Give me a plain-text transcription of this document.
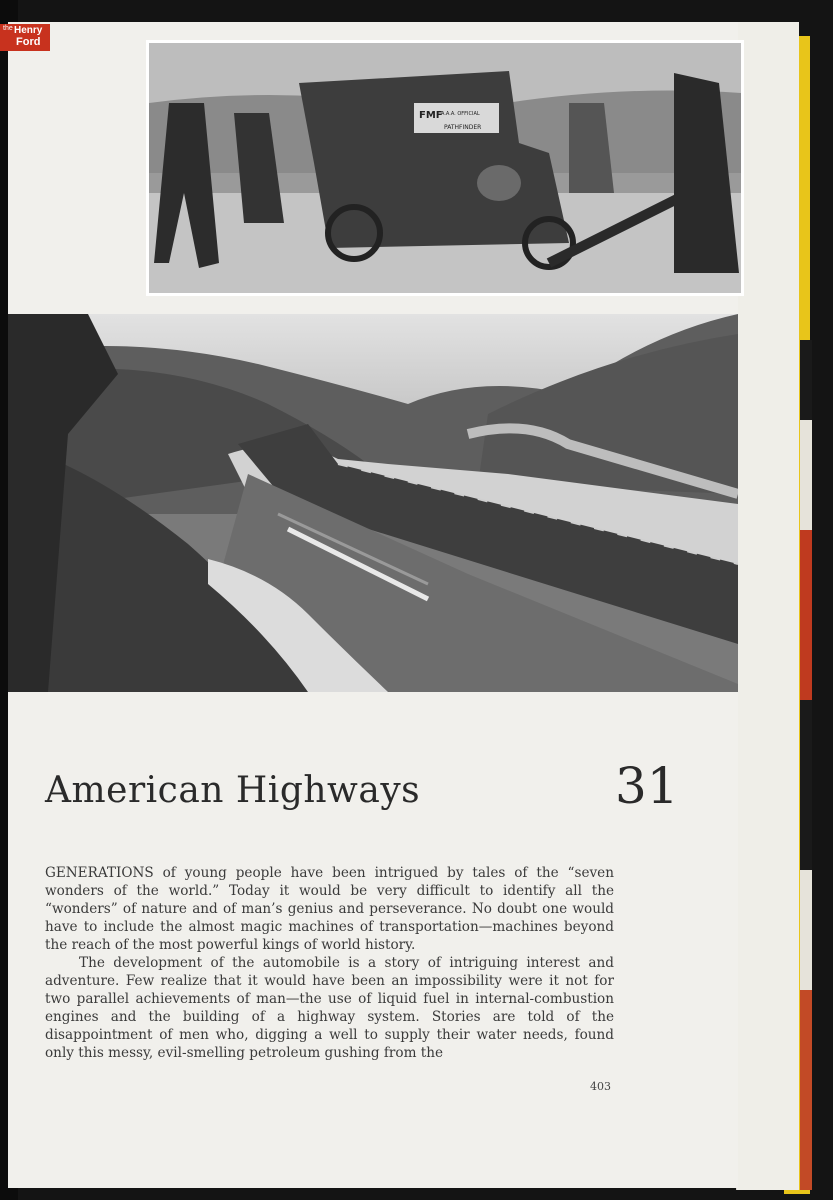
FMF
A.A.A. OFFICIAL
PATHFINDER
American Highways	31

GENERATIONS of young people have been intrigued by tales of the “seven wonders of the world.” Today it would be very difficult to identify all the “wonders” of nature and of man’s genius and perseverance. No doubt one would have to include the almost magic machines of transportation—machines beyond the reach of the most powerful kings of world history.

The development of the automobile is a story of intriguing interest and adventure. Few realize that it would have been an impossibility were it not for two parallel achievements of man—the use of liquid fuel in internal-combustion engines and the building of a highway system. Stories are told of the disappointment of men who, digging a well to supply their water needs, found only this messy, evil-smelling petroleum gushing from the

403
the Henry
Ford
